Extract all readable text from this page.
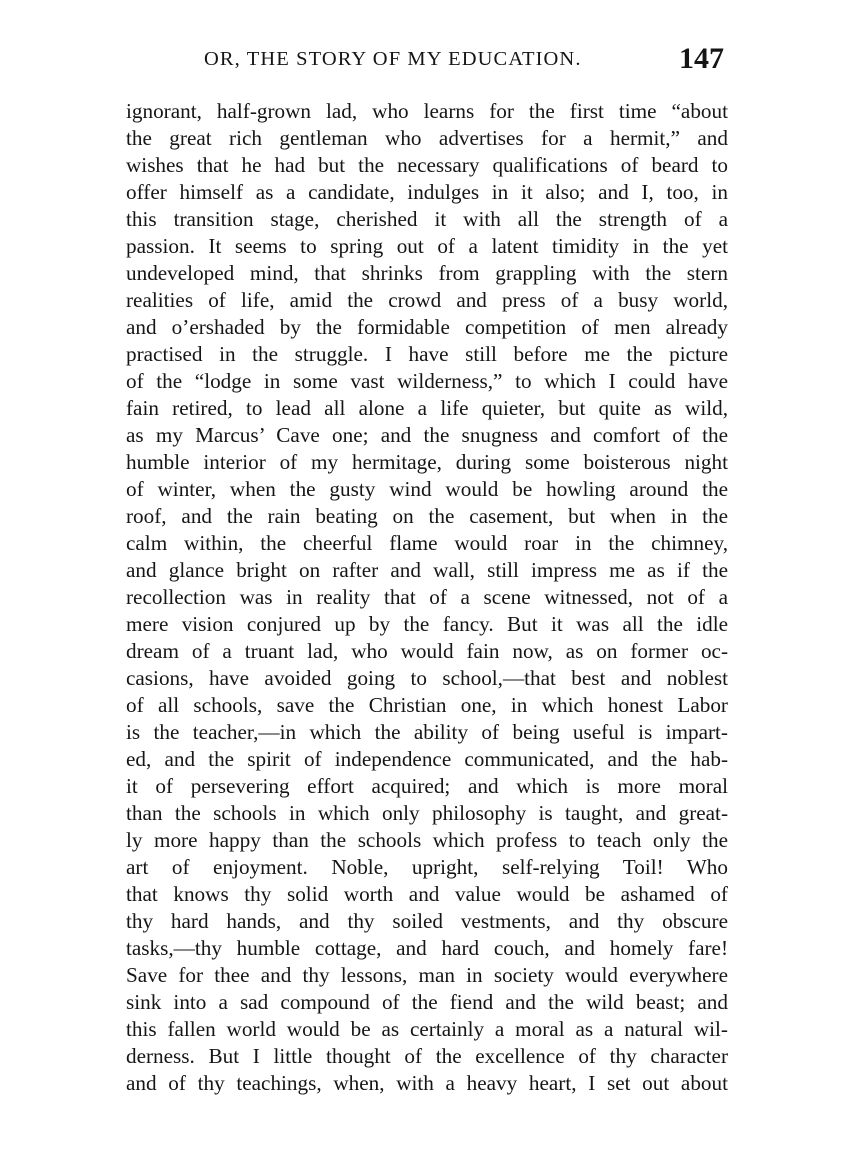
OR, THE STORY OF MY EDUCATION.	147
ignorant, half-grown lad, who learns for the first time “about
the great rich gentleman who advertises for a hermit,” and
wishes that he had but the necessary qualifications of beard to
offer himself as a candidate, indulges in it also; and I, too, in
this transition stage, cherished it with all the strength of a
passion. It seems to spring out of a latent timidity in the yet
undeveloped mind, that shrinks from grappling with the stern
realities of life, amid the crowd and press of a busy world,
and o’ershaded by the formidable competition of men already
practised in the struggle. I have still before me the picture
of the “lodge in some vast wilderness,” to which I could have
fain retired, to lead all alone a life quieter, but quite as wild,
as my Marcus’ Cave one; and the snugness and comfort of the
humble interior of my hermitage, during some boisterous night
of winter, when the gusty wind would be howling around the
roof, and the rain beating on the casement, but when in the
calm within, the cheerful flame would roar in the chimney,
and glance bright on rafter and wall, still impress me as if the
recollection was in reality that of a scene witnessed, not of a
mere vision conjured up by the fancy. But it was all the idle
dream of a truant lad, who would fain now, as on former oc-
casions, have avoided going to school,—that best and noblest
of all schools, save the Christian one, in which honest Labor
is the teacher,—in which the ability of being useful is impart-
ed, and the spirit of independence communicated, and the hab-
it of persevering effort acquired; and which is more moral
than the schools in which only philosophy is taught, and great-
ly more happy than the schools which profess to teach only the
art of enjoyment. Noble, upright, self-relying Toil! Who
that knows thy solid worth and value would be ashamed of
thy hard hands, and thy soiled vestments, and thy obscure
tasks,—thy humble cottage, and hard couch, and homely fare!
Save for thee and thy lessons, man in society would everywhere
sink into a sad compound of the fiend and the wild beast; and
this fallen world would be as certainly a moral as a natural wil-
derness. But I little thought of the excellence of thy character
and of thy teachings, when, with a heavy heart, I set out about
